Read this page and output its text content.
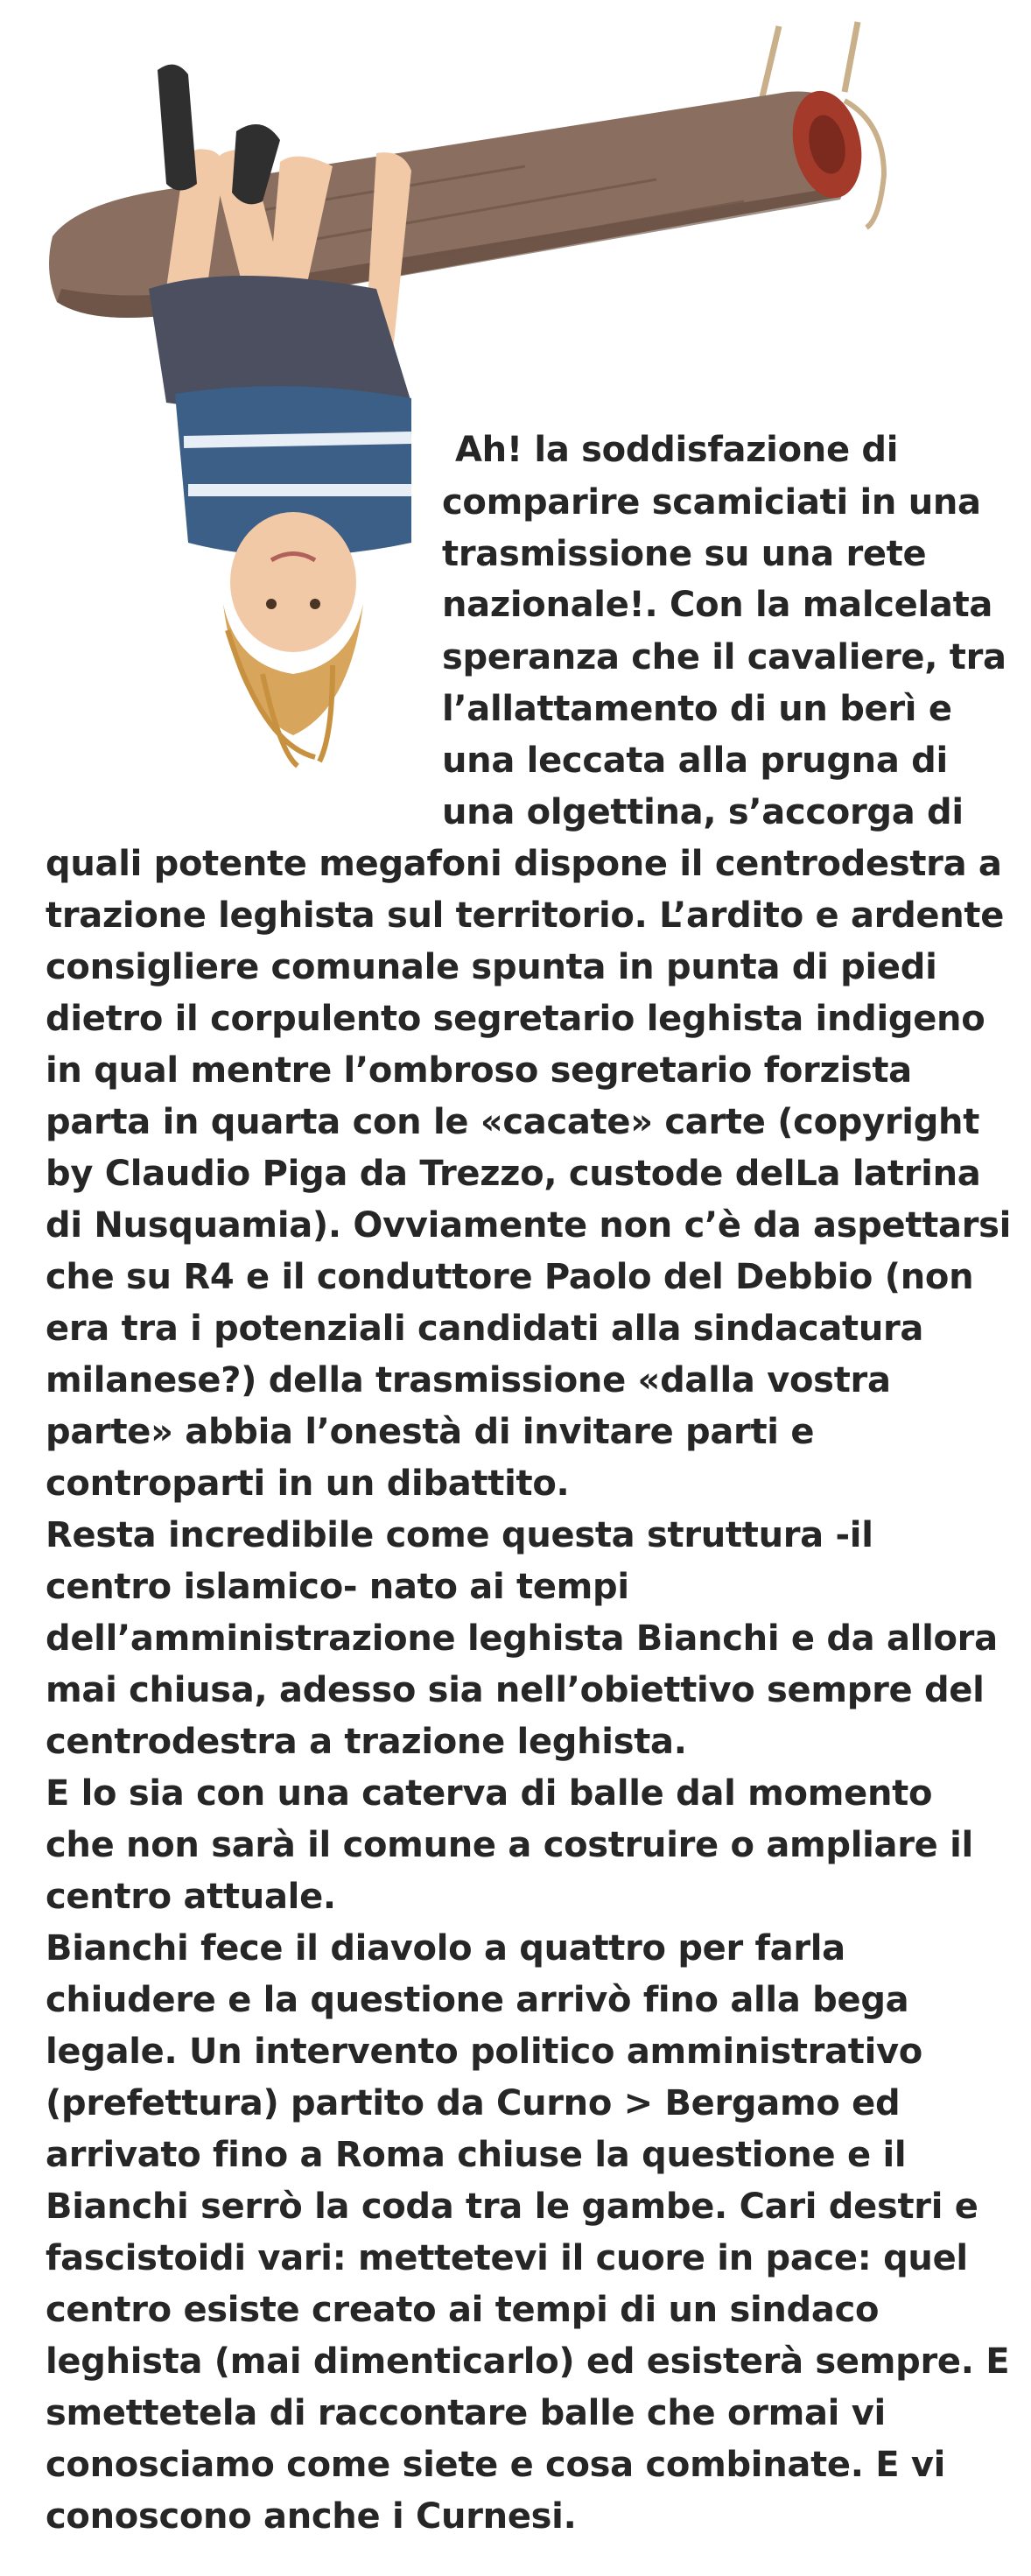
Ah! la soddisfazione di
comparire scamiciati in una
trasmissione su una rete
nazionale!. Con la malcelata
speranza che il cavaliere, tra
l’allattamento di un berì e
una leccata alla prugna di
una olgettina, s’accorga di
quali potente megafoni dispone il centrodestra a
trazione leghista sul territorio. L’ardito e ardente
consigliere comunale spunta in punta di piedi
dietro il corpulento segretario leghista indigeno
in qual mentre l’ombroso segretario forzista
parta in quarta con le «cacate» carte (copyright
by Claudio Piga da Trezzo, custode delLa latrina
di Nusquamia). Ovviamente non c’è da aspettarsi
che su R4 e il conduttore Paolo del Debbio (non
era tra i potenziali candidati alla sindacatura
milanese?) della trasmissione «dalla vostra
parte» abbia l’onestà di invitare parti e
controparti in un dibattito.
Resta incredibile come questa struttura -il
centro islamico- nato ai tempi
dell’amministrazione leghista Bianchi e da allora
mai chiusa, adesso sia nell’obiettivo sempre del
centrodestra a trazione leghista.
E lo sia con una caterva di balle dal momento
che non sarà il comune a costruire o ampliare il
centro attuale.
Bianchi fece il diavolo a quattro per farla
chiudere e la questione arrivò fino alla bega
legale. Un intervento politico amministrativo
(prefettura) partito da Curno > Bergamo ed
arrivato fino a Roma chiuse la questione e il
Bianchi serrò la coda tra le gambe. Cari destri e
fascistoidi vari: mettetevi il cuore in pace: quel
centro esiste creato ai tempi di un sindaco
leghista (mai dimenticarlo) ed esisterà sempre. E
smettetela di raccontare balle che ormai vi
conosciamo come siete e cosa combinate. E vi
conoscono anche i Curnesi.
